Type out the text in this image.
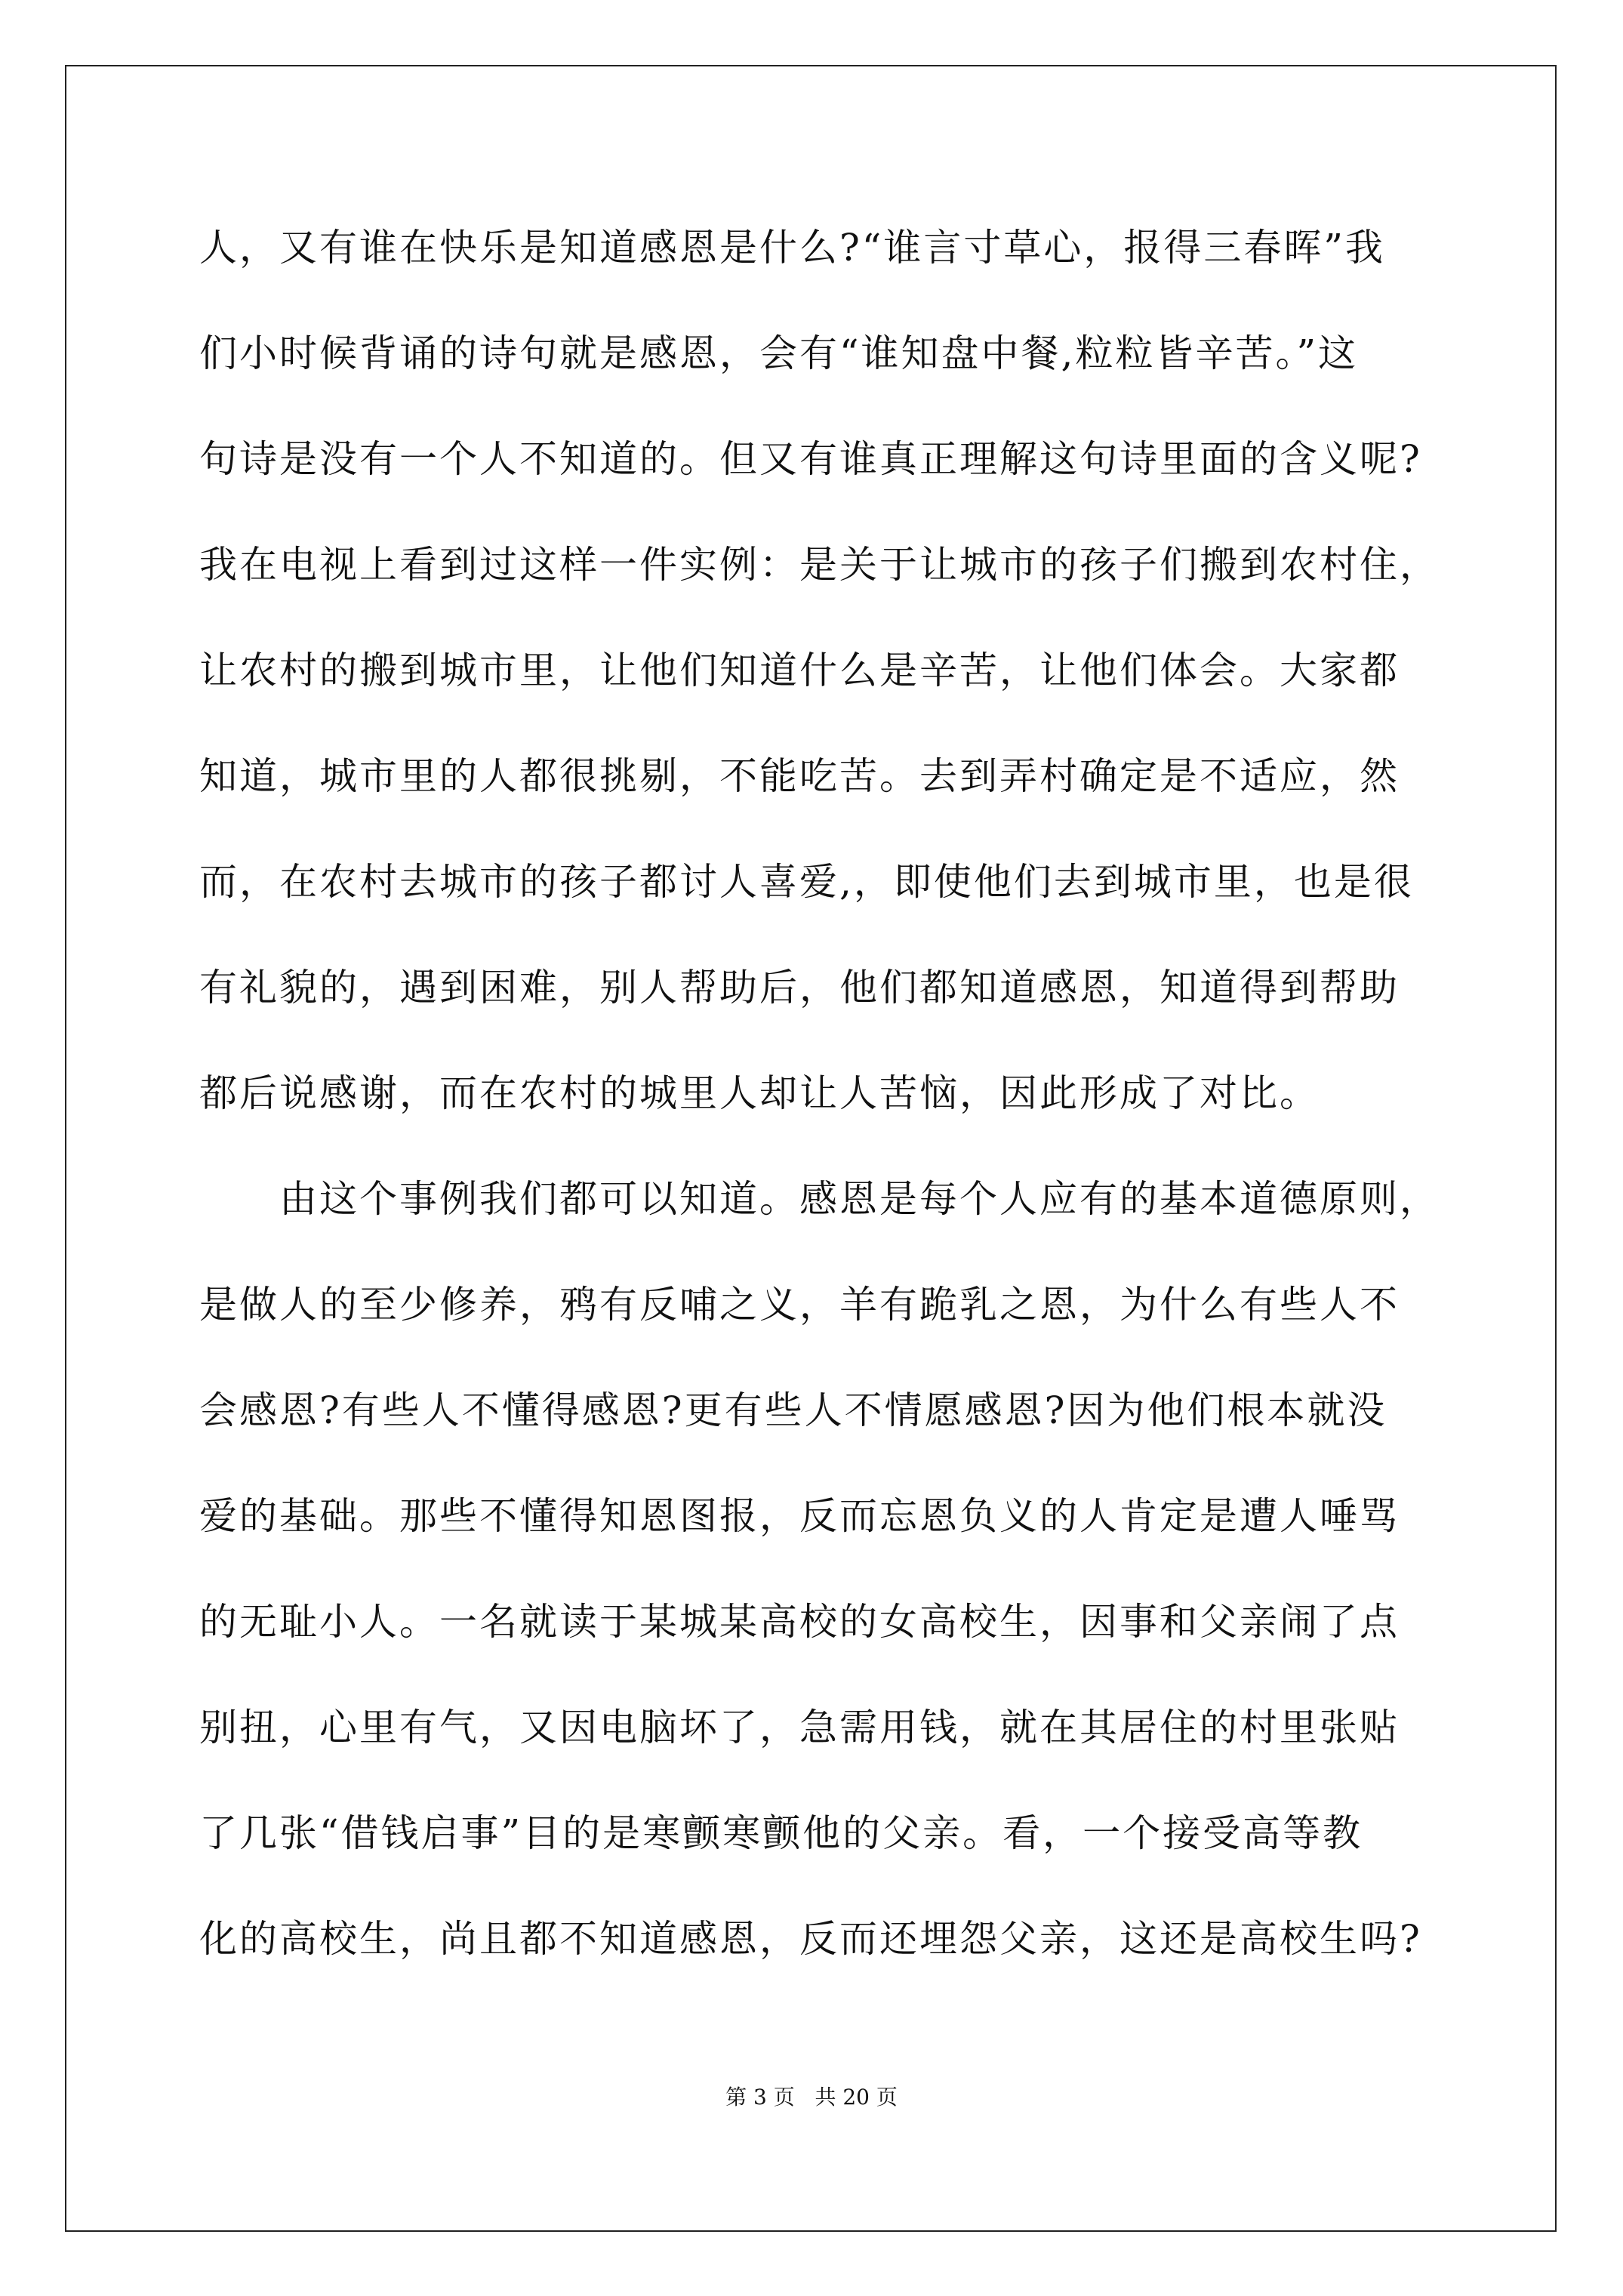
人，又有谁在快乐是知道感恩是什么?“谁言寸草心，报得三春晖”我
们小时候背诵的诗句就是感恩，会有“谁知盘中餐,粒粒皆辛苦。”这
句诗是没有一个人不知道的。但又有谁真正理解这句诗里面的含义呢?
我在电视上看到过这样一件实例：是关于让城市的孩子们搬到农村住，
让农村的搬到城市里，让他们知道什么是辛苦，让他们体会。大家都
知道，城市里的人都很挑剔，不能吃苦。去到弄村确定是不适应，然
而，在农村去城市的孩子都讨人喜爱,，即使他们去到城市里，也是很
有礼貌的，遇到困难，别人帮助后，他们都知道感恩，知道得到帮助
都后说感谢，而在农村的城里人却让人苦恼，因此形成了对比。
由这个事例我们都可以知道。感恩是每个人应有的基本道德原则，
是做人的至少修养，鸦有反哺之义，羊有跪乳之恩，为什么有些人不
会感恩?有些人不懂得感恩?更有些人不情愿感恩?因为他们根本就没
爱的基础。那些不懂得知恩图报，反而忘恩负义的人肯定是遭人唾骂
的无耻小人。一名就读于某城某高校的女高校生，因事和父亲闹了点
别扭，心里有气，又因电脑坏了，急需用钱，就在其居住的村里张贴
了几张“借钱启事”目的是寒颤寒颤他的父亲。看，一个接受高等教
化的高校生，尚且都不知道感恩，反而还埋怨父亲，这还是高校生吗?
第 3 页   共 20 页
